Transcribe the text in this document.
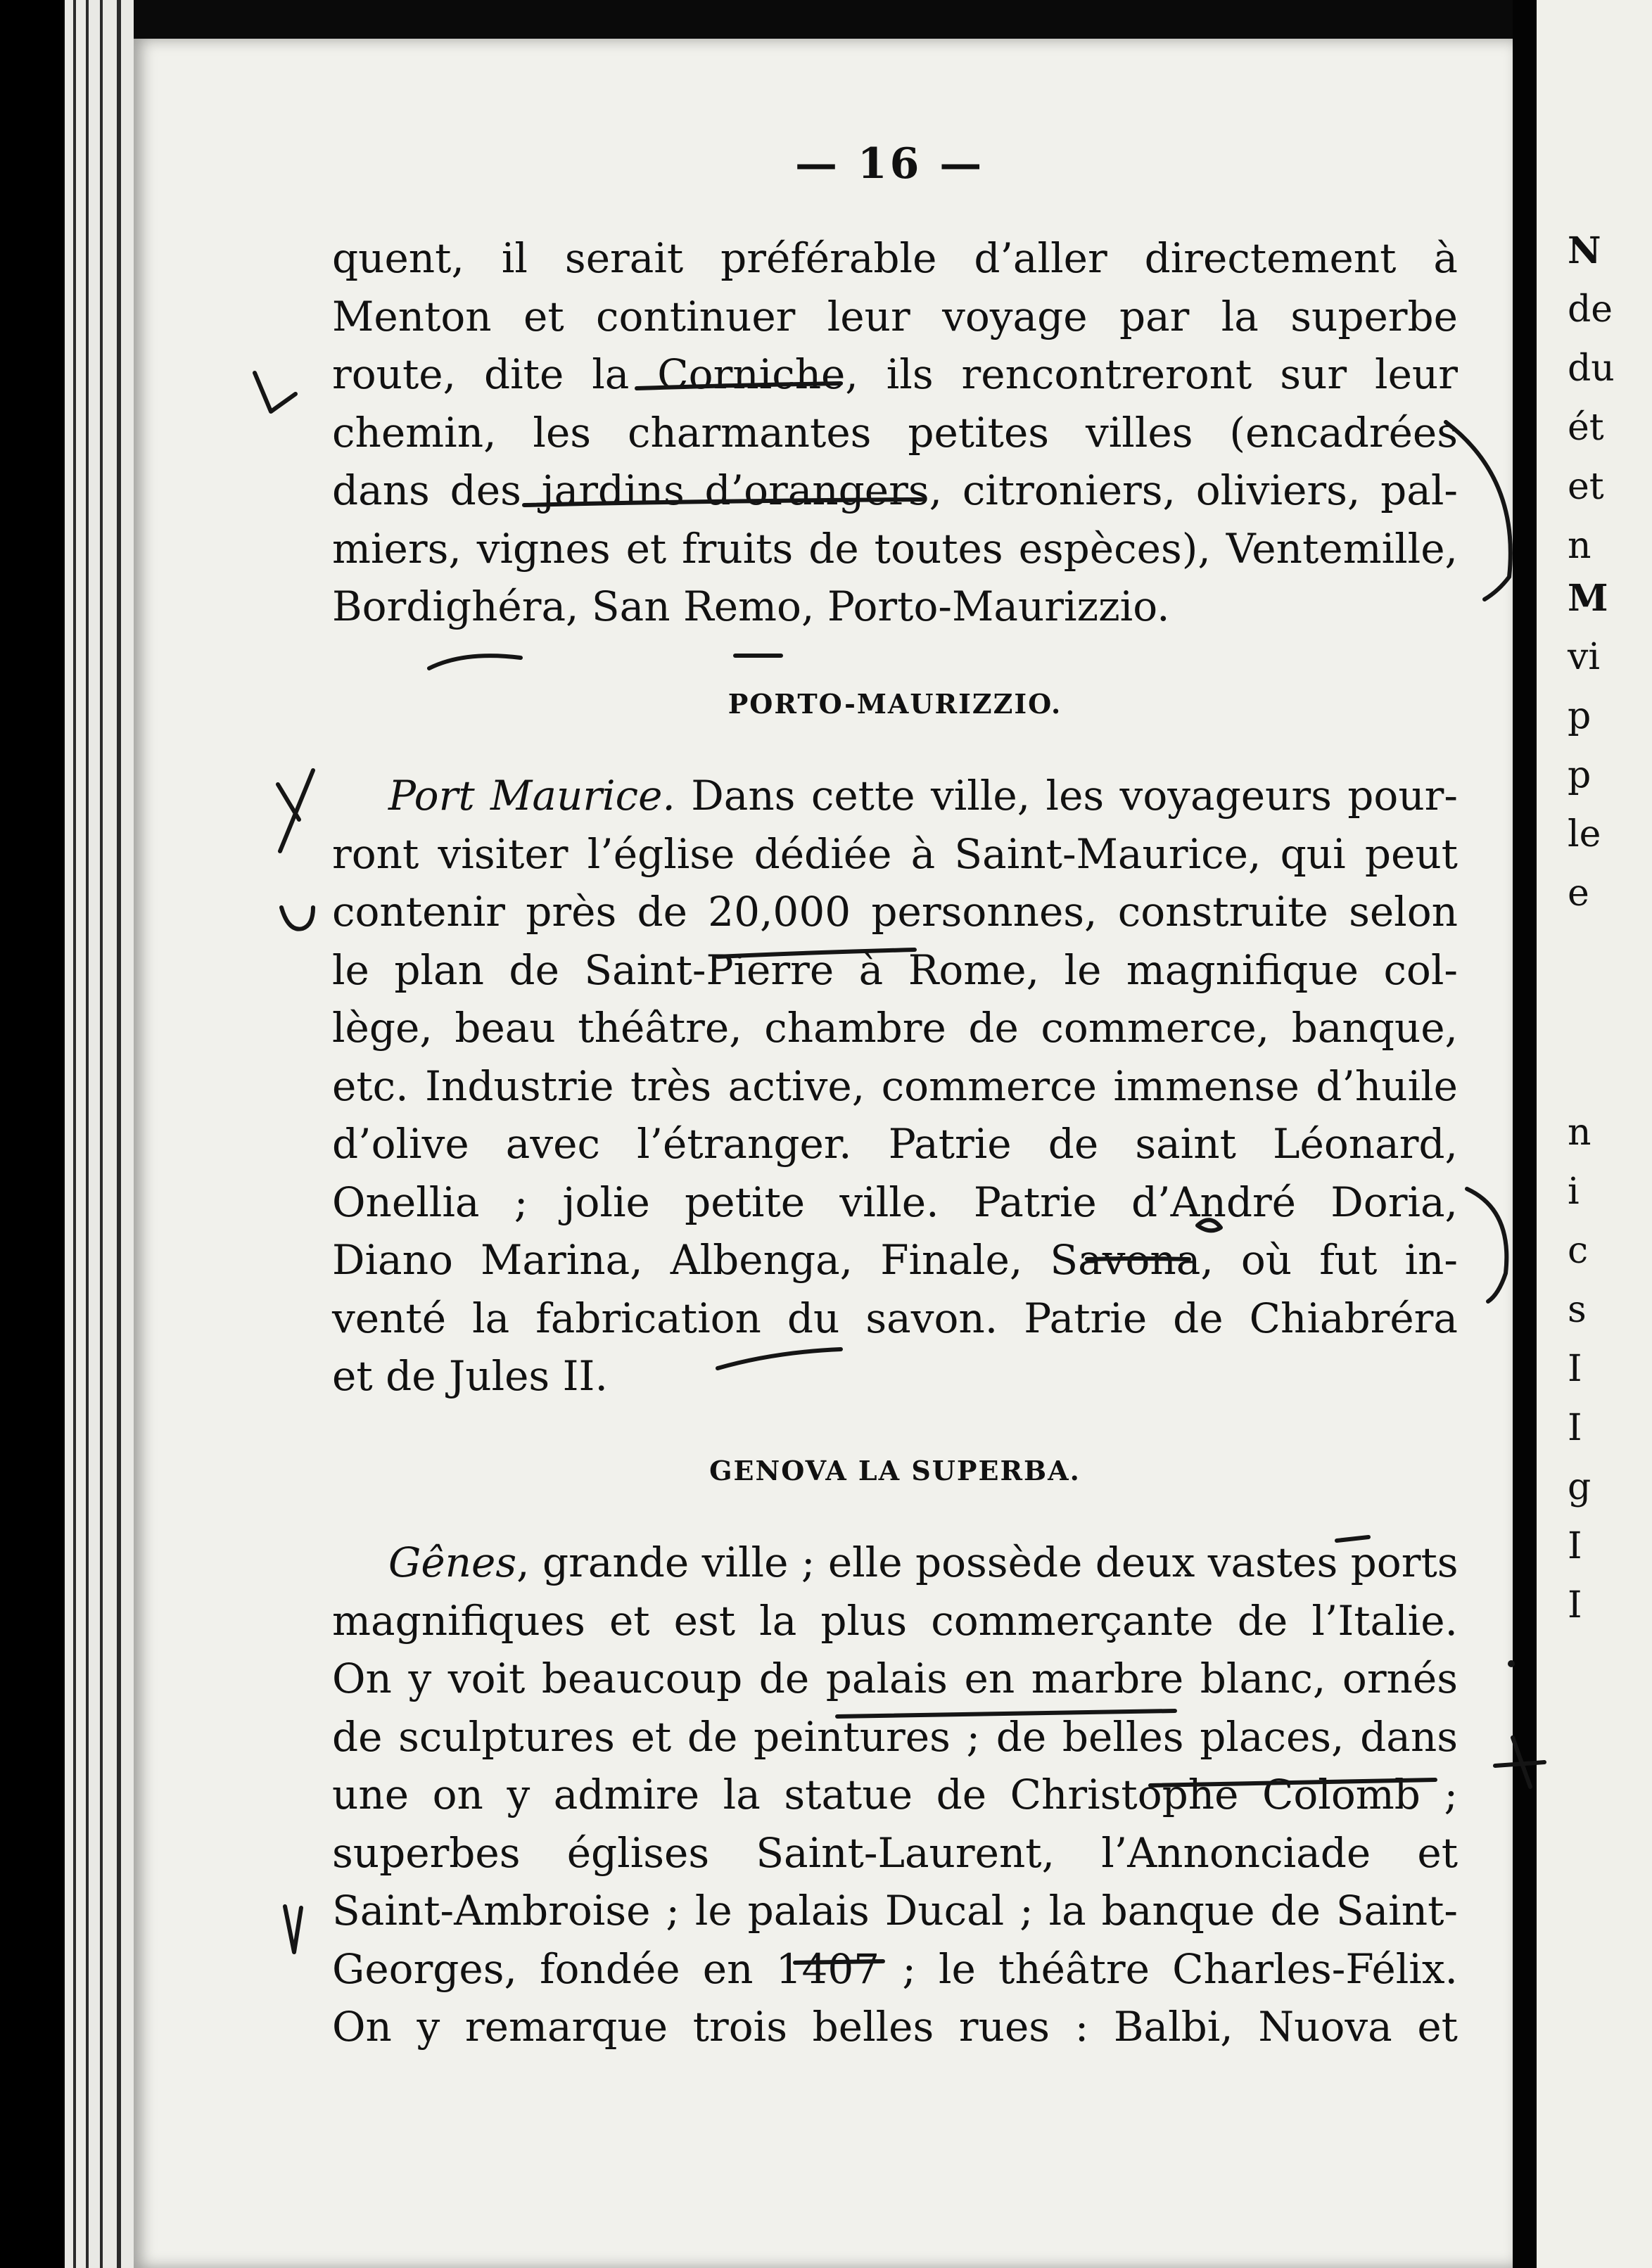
— 16 —

quent, il serait préférable d’aller directement à
Menton et continuer leur voyage par la superbe
route, dite la Corniche, ils rencontreront sur leur
chemin, les charmantes petites villes (encadrées
dans des jardins d’orangers, citroniers, oliviers, pal-
miers, vignes et fruits de toutes espèces), Ventemille,
Bordighéra, San Remo, Porto-Maurizzio.

PORTO-MAURIZZIO.

Port Maurice. Dans cette ville, les voyageurs pour-
ront visiter l’église dédiée à Saint-Maurice, qui peut
contenir près de 20,000 personnes, construite selon
le plan de Saint-Pierre à Rome, le magnifique col-
lège, beau théâtre, chambre de commerce, banque,
etc. Industrie très active, commerce immense d’huile
d’olive avec l’étranger. Patrie de saint Léonard,
Onellia ; jolie petite ville. Patrie d’André Doria,
Diano Marina, Albenga, Finale, Savona, où fut in-
venté la fabrication du savon. Patrie de Chiabréra
et de Jules II.

GENOVA LA SUPERBA.

Gênes, grande ville ; elle possède deux vastes ports
magnifiques et est la plus commerçante de l’Italie.
On y voit beaucoup de palais en marbre blanc, ornés
de sculptures et de peintures ; de belles places, dans
une on y admire la statue de Christophe Colomb ;
superbes églises Saint-Laurent, l’Annonciade et
Saint-Ambroise ; le palais Ducal ; la banque de Saint-
Georges, fondée en 1407 ; le théâtre Charles-Félix.
On y remarque trois belles rues : Balbi, Nuova et

N
de
du
ét
et
n
M
vi
p
p
le
e
n
i
c
s
I
I
g
I
I
